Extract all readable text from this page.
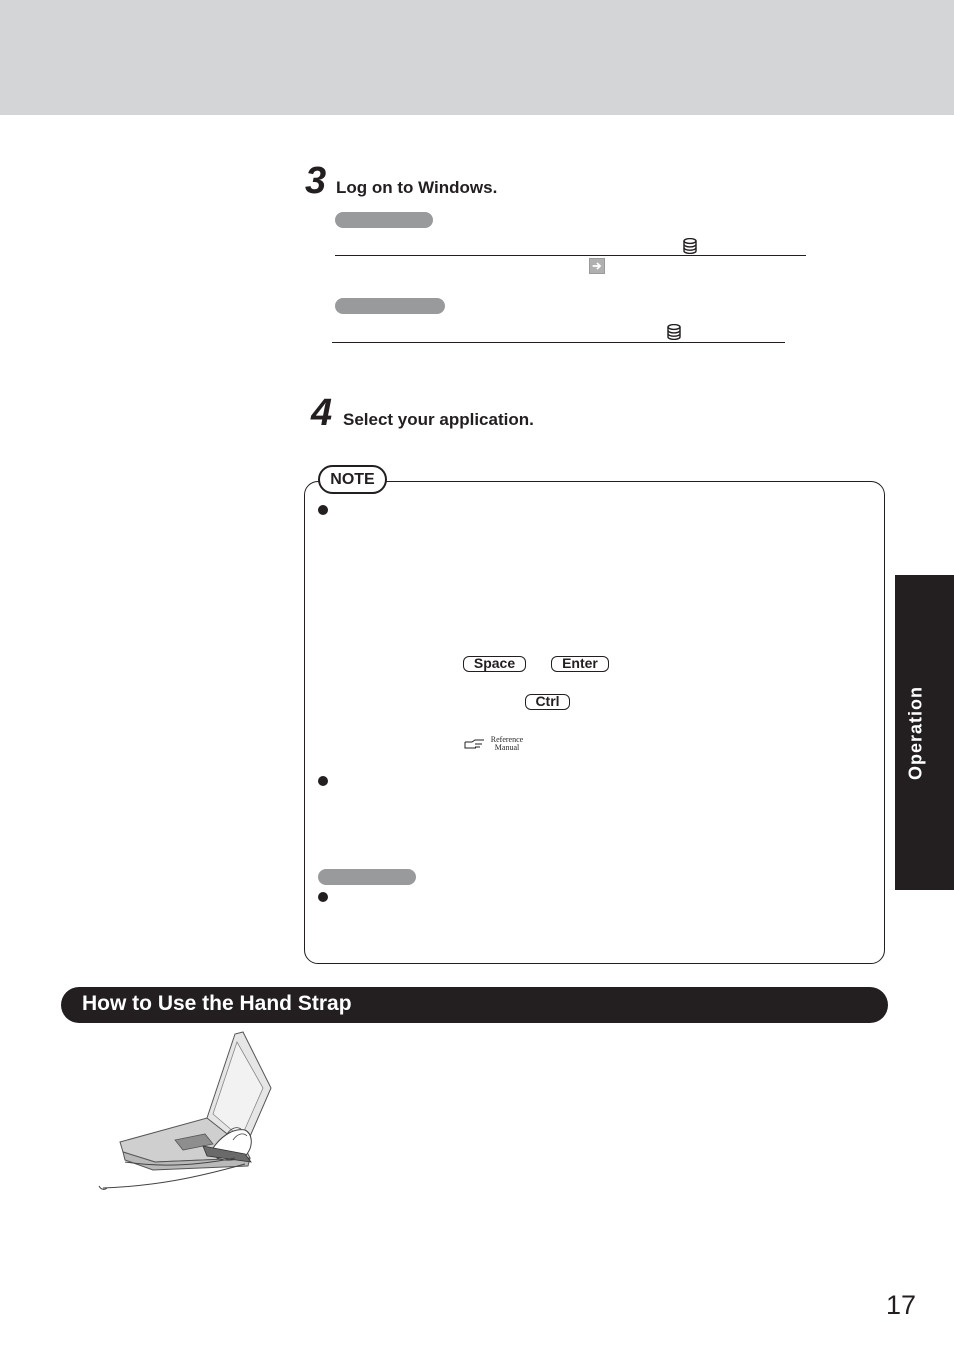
3 Log on to Windows.
4 Select your application.
NOTE
Space	Enter
Ctrl
Reference
Manual	Operation
How to Use the Hand Strap
17
